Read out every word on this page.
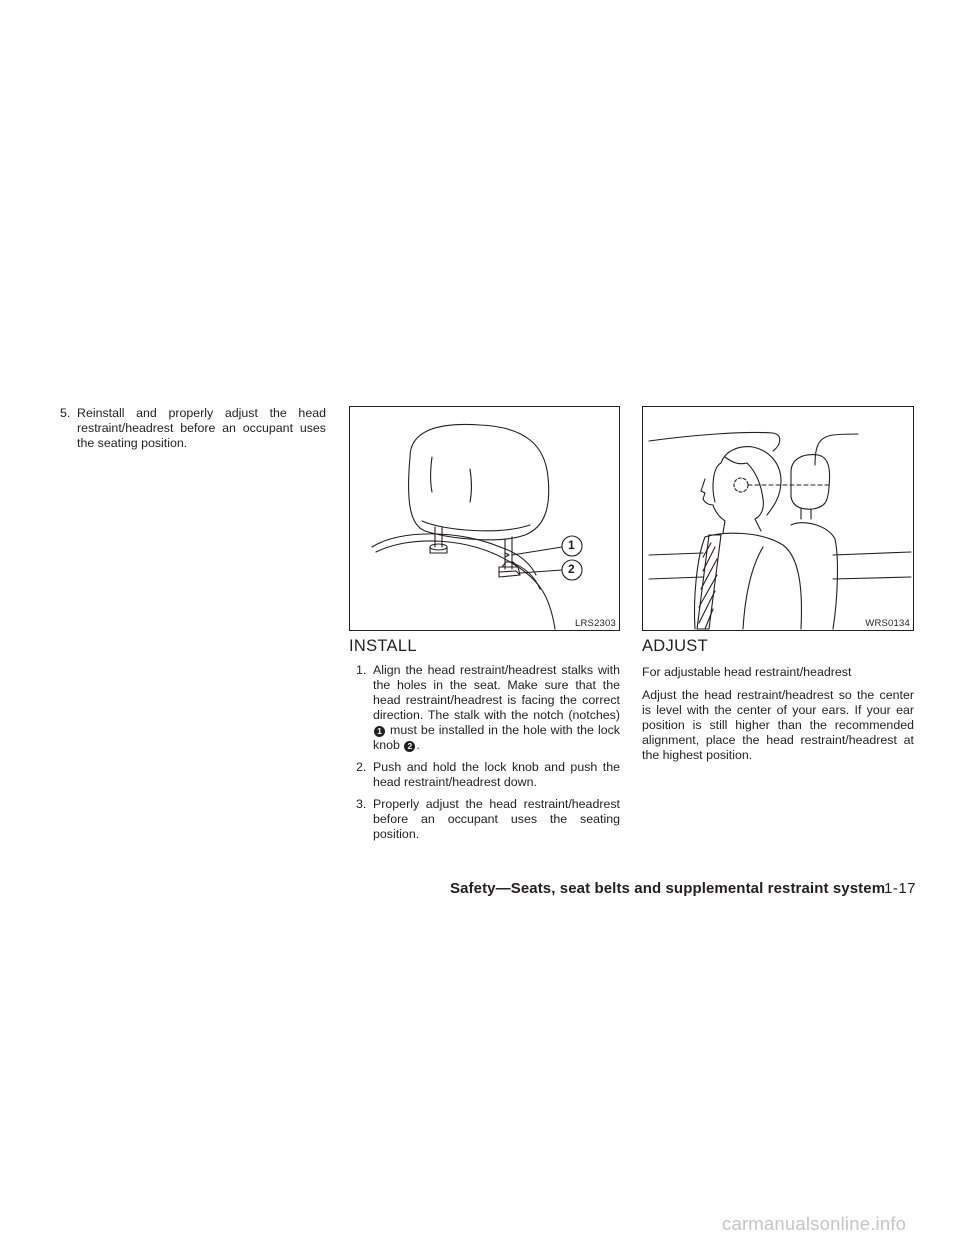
5. Reinstall and properly adjust the head restraint/headrest before an occupant uses the seating position.
1
2
LRS2303	WRS0134
INSTALL
1. Align the head restraint/headrest stalks with the holes in the seat. Make sure that the head restraint/headrest is facing the correct direction. The stalk with the notch (notches) 1 must be installed in the hole with the lock knob 2 .
2. Push and hold the lock knob and push the head restraint/headrest down.
3. Properly adjust the head restraint/headrest before an occupant uses the seating position.
ADJUST
For adjustable head restraint/headrest
Adjust the head restraint/headrest so the center is level with the center of your ears. If your ear position is still higher than the recommended alignment, place the head restraint/headrest at the highest position.
Safety—Seats, seat belts and supplemental restraint system
1-17
carmanualsonline.info
